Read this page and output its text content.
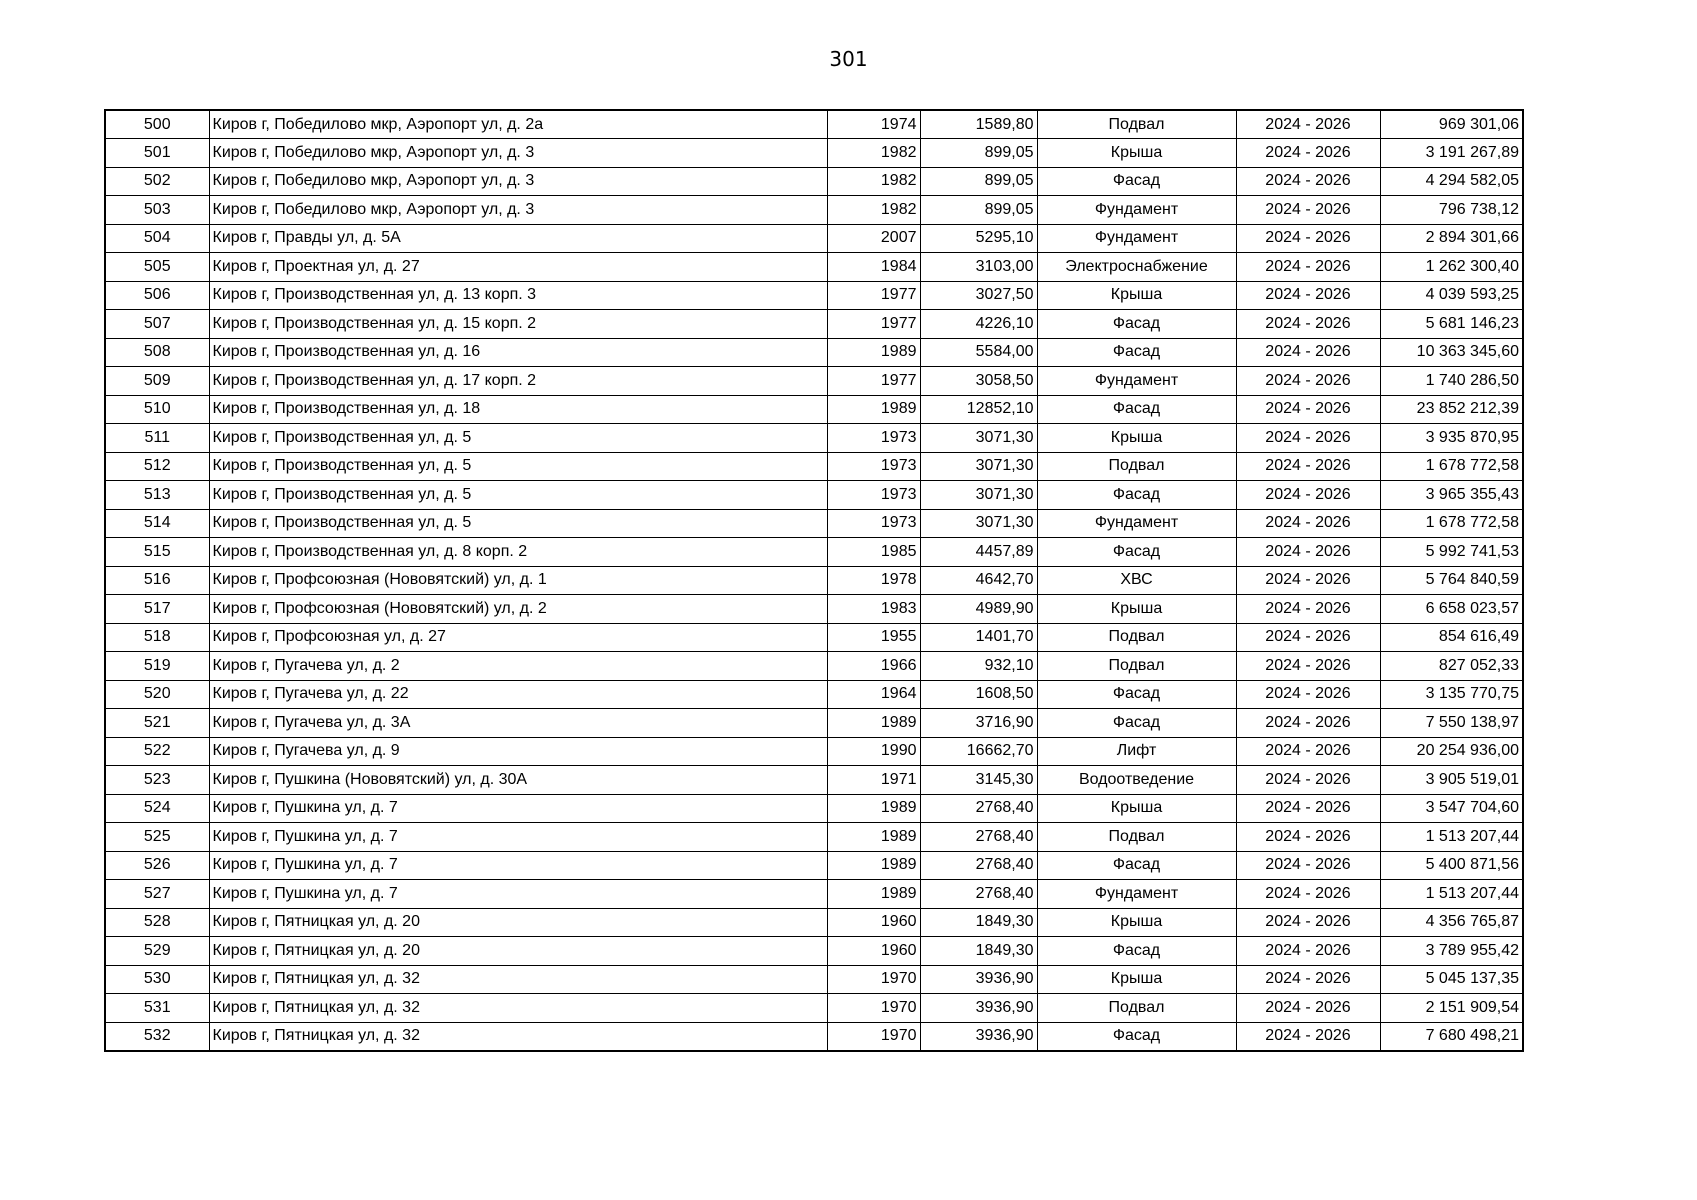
301
500	Киров г, Победилово мкр, Аэропорт ул, д. 2а	1974	1589,80	Подвал	2024 - 2026	969 301,06
501	Киров г, Победилово мкр, Аэропорт ул, д. 3	1982	899,05	Крыша	2024 - 2026	3 191 267,89
502	Киров г, Победилово мкр, Аэропорт ул, д. 3	1982	899,05	Фасад	2024 - 2026	4 294 582,05
503	Киров г, Победилово мкр, Аэропорт ул, д. 3	1982	899,05	Фундамент	2024 - 2026	796 738,12
504	Киров г, Правды ул, д. 5А	2007	5295,10	Фундамент	2024 - 2026	2 894 301,66
505	Киров г, Проектная ул, д. 27	1984	3103,00	Электроснабжение	2024 - 2026	1 262 300,40
506	Киров г, Производственная ул, д. 13 корп. 3	1977	3027,50	Крыша	2024 - 2026	4 039 593,25
507	Киров г, Производственная ул, д. 15 корп. 2	1977	4226,10	Фасад	2024 - 2026	5 681 146,23
508	Киров г, Производственная ул, д. 16	1989	5584,00	Фасад	2024 - 2026	10 363 345,60
509	Киров г, Производственная ул, д. 17 корп. 2	1977	3058,50	Фундамент	2024 - 2026	1 740 286,50
510	Киров г, Производственная ул, д. 18	1989	12852,10	Фасад	2024 - 2026	23 852 212,39
511	Киров г, Производственная ул, д. 5	1973	3071,30	Крыша	2024 - 2026	3 935 870,95
512	Киров г, Производственная ул, д. 5	1973	3071,30	Подвал	2024 - 2026	1 678 772,58
513	Киров г, Производственная ул, д. 5	1973	3071,30	Фасад	2024 - 2026	3 965 355,43
514	Киров г, Производственная ул, д. 5	1973	3071,30	Фундамент	2024 - 2026	1 678 772,58
515	Киров г, Производственная ул, д. 8 корп. 2	1985	4457,89	Фасад	2024 - 2026	5 992 741,53
516	Киров г, Профсоюзная (Нововятский) ул, д. 1	1978	4642,70	ХВС	2024 - 2026	5 764 840,59
517	Киров г, Профсоюзная (Нововятский) ул, д. 2	1983	4989,90	Крыша	2024 - 2026	6 658 023,57
518	Киров г, Профсоюзная ул, д. 27	1955	1401,70	Подвал	2024 - 2026	854 616,49
519	Киров г, Пугачева ул, д. 2	1966	932,10	Подвал	2024 - 2026	827 052,33
520	Киров г, Пугачева ул, д. 22	1964	1608,50	Фасад	2024 - 2026	3 135 770,75
521	Киров г, Пугачева ул, д. 3А	1989	3716,90	Фасад	2024 - 2026	7 550 138,97
522	Киров г, Пугачева ул, д. 9	1990	16662,70	Лифт	2024 - 2026	20 254 936,00
523	Киров г, Пушкина (Нововятский) ул, д. 30А	1971	3145,30	Водоотведение	2024 - 2026	3 905 519,01
524	Киров г, Пушкина ул, д. 7	1989	2768,40	Крыша	2024 - 2026	3 547 704,60
525	Киров г, Пушкина ул, д. 7	1989	2768,40	Подвал	2024 - 2026	1 513 207,44
526	Киров г, Пушкина ул, д. 7	1989	2768,40	Фасад	2024 - 2026	5 400 871,56
527	Киров г, Пушкина ул, д. 7	1989	2768,40	Фундамент	2024 - 2026	1 513 207,44
528	Киров г, Пятницкая ул, д. 20	1960	1849,30	Крыша	2024 - 2026	4 356 765,87
529	Киров г, Пятницкая ул, д. 20	1960	1849,30	Фасад	2024 - 2026	3 789 955,42
530	Киров г, Пятницкая ул, д. 32	1970	3936,90	Крыша	2024 - 2026	5 045 137,35
531	Киров г, Пятницкая ул, д. 32	1970	3936,90	Подвал	2024 - 2026	2 151 909,54
532	Киров г, Пятницкая ул, д. 32	1970	3936,90	Фасад	2024 - 2026	7 680 498,21
